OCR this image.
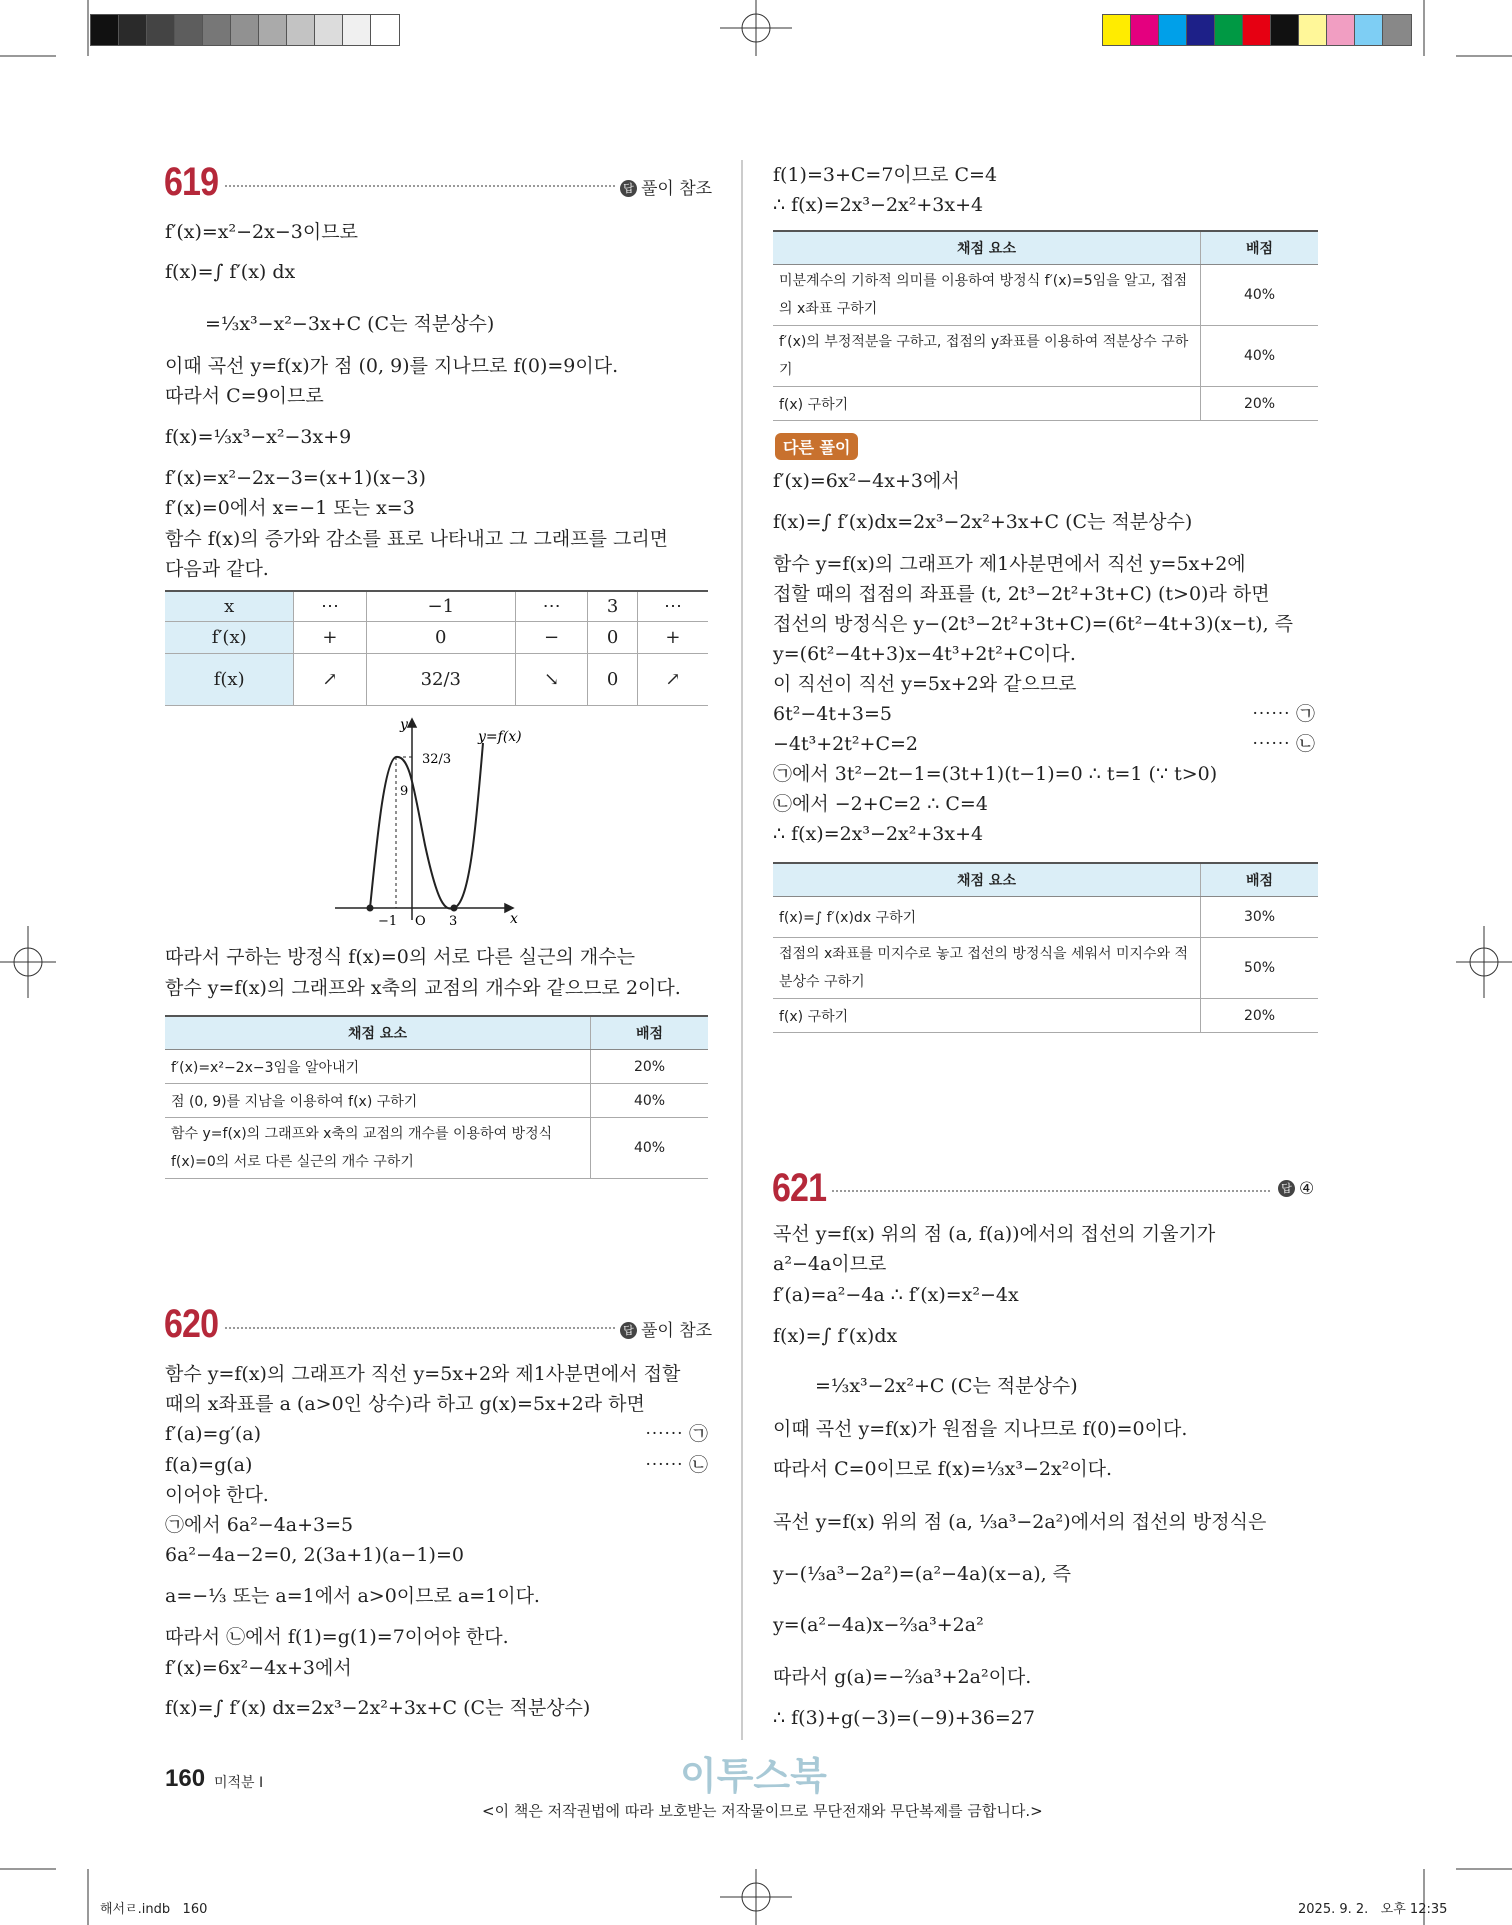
619	답 풀이 참조
f′(x)=x²−2x−3이므로
f(x)=∫ f′(x) dx
=⅓x³−x²−3x+C (C는 적분상수)
이때 곡선 y=f(x)가 점 (0, 9)를 지나므로 f(0)=9이다.
따라서 C=9이므로
f(x)=⅓x³−x²−3x+9
f′(x)=x²−2x−3=(x+1)(x−3)
f′(x)=0에서 x=−1 또는 x=3
함수 f(x)의 증가와 감소를 표로 나타내고 그 그래프를 그리면
다음과 같다.
x	⋯	−1	⋯	3	⋯
f′(x)	+	0	−	0	+
f(x)	↗	32/3	↘	0	↗
y
x
y=f(x)
32/3
9
−1 O 3
따라서 구하는 방정식 f(x)=0의 서로 다른 실근의 개수는
함수 y=f(x)의 그래프와 x축의 교점의 개수와 같으므로 2이다.
채점 요소	배점
f′(x)=x²−2x−3임을 알아내기	20%
점 (0, 9)를 지남을 이용하여 f(x) 구하기	40%
함수 y=f(x)의 그래프와 x축의 교점의 개수를 이용하여 방정식 f(x)=0의 서로 다른 실근의 개수 구하기	40%
620	답 풀이 참조
함수 y=f(x)의 그래프가 직선 y=5x+2와 제1사분면에서 접할
때의 x좌표를 a (a>0인 상수)라 하고 g(x)=5x+2라 하면
f′(a)=g′(a)	⋯⋯ ㉠
f(a)=g(a)	⋯⋯ ㉡
이어야 한다.
㉠에서 6a²−4a+3=5
6a²−4a−2=0, 2(3a+1)(a−1)=0
a=−⅓ 또는 a=1에서 a>0이므로 a=1이다.
따라서 ㉡에서 f(1)=g(1)=7이어야 한다.
f′(x)=6x²−4x+3에서
f(x)=∫ f′(x) dx=2x³−2x²+3x+C (C는 적분상수)
f(1)=3+C=7이므로 C=4
∴ f(x)=2x³−2x²+3x+4
채점 요소	배점
미분계수의 기하적 의미를 이용하여 방정식 f′(x)=5임을 알고, 접점의 x좌표 구하기	40%
f′(x)의 부정적분을 구하고, 접점의 y좌표를 이용하여 적분상수 구하기	40%
f(x) 구하기	20%
다른 풀이
f′(x)=6x²−4x+3에서
f(x)=∫ f′(x)dx=2x³−2x²+3x+C (C는 적분상수)
함수 y=f(x)의 그래프가 제1사분면에서 직선 y=5x+2에
접할 때의 접점의 좌표를 (t, 2t³−2t²+3t+C) (t>0)라 하면
접선의 방정식은 y−(2t³−2t²+3t+C)=(6t²−4t+3)(x−t), 즉
y=(6t²−4t+3)x−4t³+2t²+C이다.
이 직선이 직선 y=5x+2와 같으므로
6t²−4t+3=5	⋯⋯ ㉠
−4t³+2t²+C=2	⋯⋯ ㉡
㉠에서 3t²−2t−1=(3t+1)(t−1)=0 ∴ t=1 (∵ t>0)
㉡에서 −2+C=2 ∴ C=4
∴ f(x)=2x³−2x²+3x+4
채점 요소	배점
f(x)=∫ f′(x)dx 구하기	30%
접점의 x좌표를 미지수로 놓고 접선의 방정식을 세워서 미지수와 적분상수 구하기	50%
f(x) 구하기	20%
621	답 ④
곡선 y=f(x) 위의 점 (a, f(a))에서의 접선의 기울기가
a²−4a이므로
f′(a)=a²−4a ∴ f′(x)=x²−4x
f(x)=∫ f′(x)dx
=⅓x³−2x²+C (C는 적분상수)
이때 곡선 y=f(x)가 원점을 지나므로 f(0)=0이다.
따라서 C=0이므로 f(x)=⅓x³−2x²이다.
곡선 y=f(x) 위의 점 (a, ⅓a³−2a²)에서의 접선의 방정식은
y−(⅓a³−2a²)=(a²−4a)(x−a), 즉
y=(a²−4a)x−⅔a³+2a²
따라서 g(a)=−⅔a³+2a²이다.
∴ f(3)+g(−3)=(−9)+36=27
160 미적분 I	이투스북
<이 책은 저작권법에 따라 보호받는 저작물이므로 무단전재와 무단복제를 금합니다.>
해서ㄹ.indb   160	2025. 9. 2.   오후 12:35
